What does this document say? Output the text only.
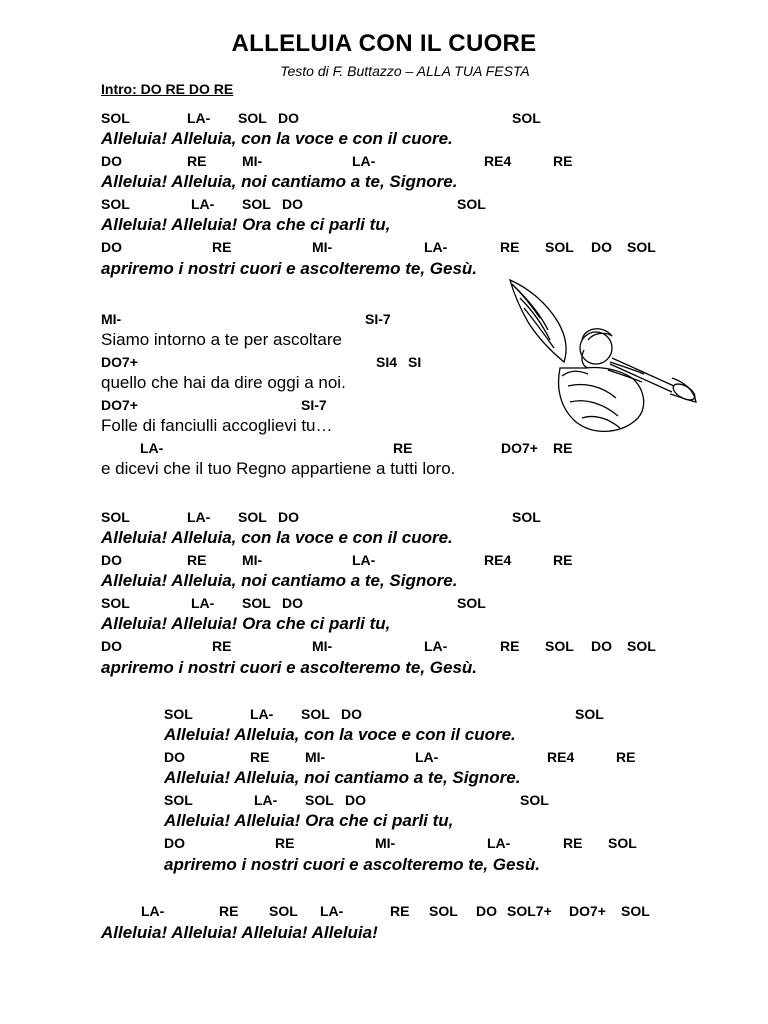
ALLELUIA CON IL CUORE
Testo di F. Buttazzo – ALLA TUA FESTA
Intro: DO RE DO RE
SOL	LA- SOL DO	SOL
Alleluia! Alleluia, con la voce e con il cuore.
DO	RE	MI-	LA-	RE4	RE
Alleluia! Alleluia, noi cantiamo a te, Signore.
SOL	LA- SOL DO	SOL
Alleluia! Alleluia! Ora che ci parli tu,
DO	RE	MI-	LA-	RE SOL DO SOL
apriremo i nostri cuori e ascolteremo te, Gesù.
MI-	SI-7
Siamo intorno a te per ascoltare
DO7+	SI4 SI
quello che hai da dire oggi a noi.
DO7+	SI-7
Folle di fanciulli accoglievi tu…
LA-	RE	DO7+ RE
e dicevi che il tuo Regno appartiene a tutti loro.
SOL	LA- SOL DO	SOL
Alleluia! Alleluia, con la voce e con il cuore.
DO	RE	MI-	LA-	RE4	RE
Alleluia! Alleluia, noi cantiamo a te, Signore.
SOL	LA- SOL DO	SOL
Alleluia! Alleluia! Ora che ci parli tu,
DO	RE	MI-	LA-	RE SOL DO SOL
apriremo i nostri cuori e ascolteremo te, Gesù.
SOL	LA- SOL DO	SOL
Alleluia! Alleluia, con la voce e con il cuore.
DO	RE	MI-	LA-	RE4	RE
Alleluia! Alleluia, noi cantiamo a te, Signore.
SOL	LA- SOL DO	SOL
Alleluia! Alleluia! Ora che ci parli tu,
DO	RE	MI-	LA-	RE SOL
apriremo i nostri cuori e ascolteremo te, Gesù.
LA-	RE SOL LA-	RE SOL DO SOL7+ DO7+ SOL
Alleluia! Alleluia! Alleluia! Alleluia!
